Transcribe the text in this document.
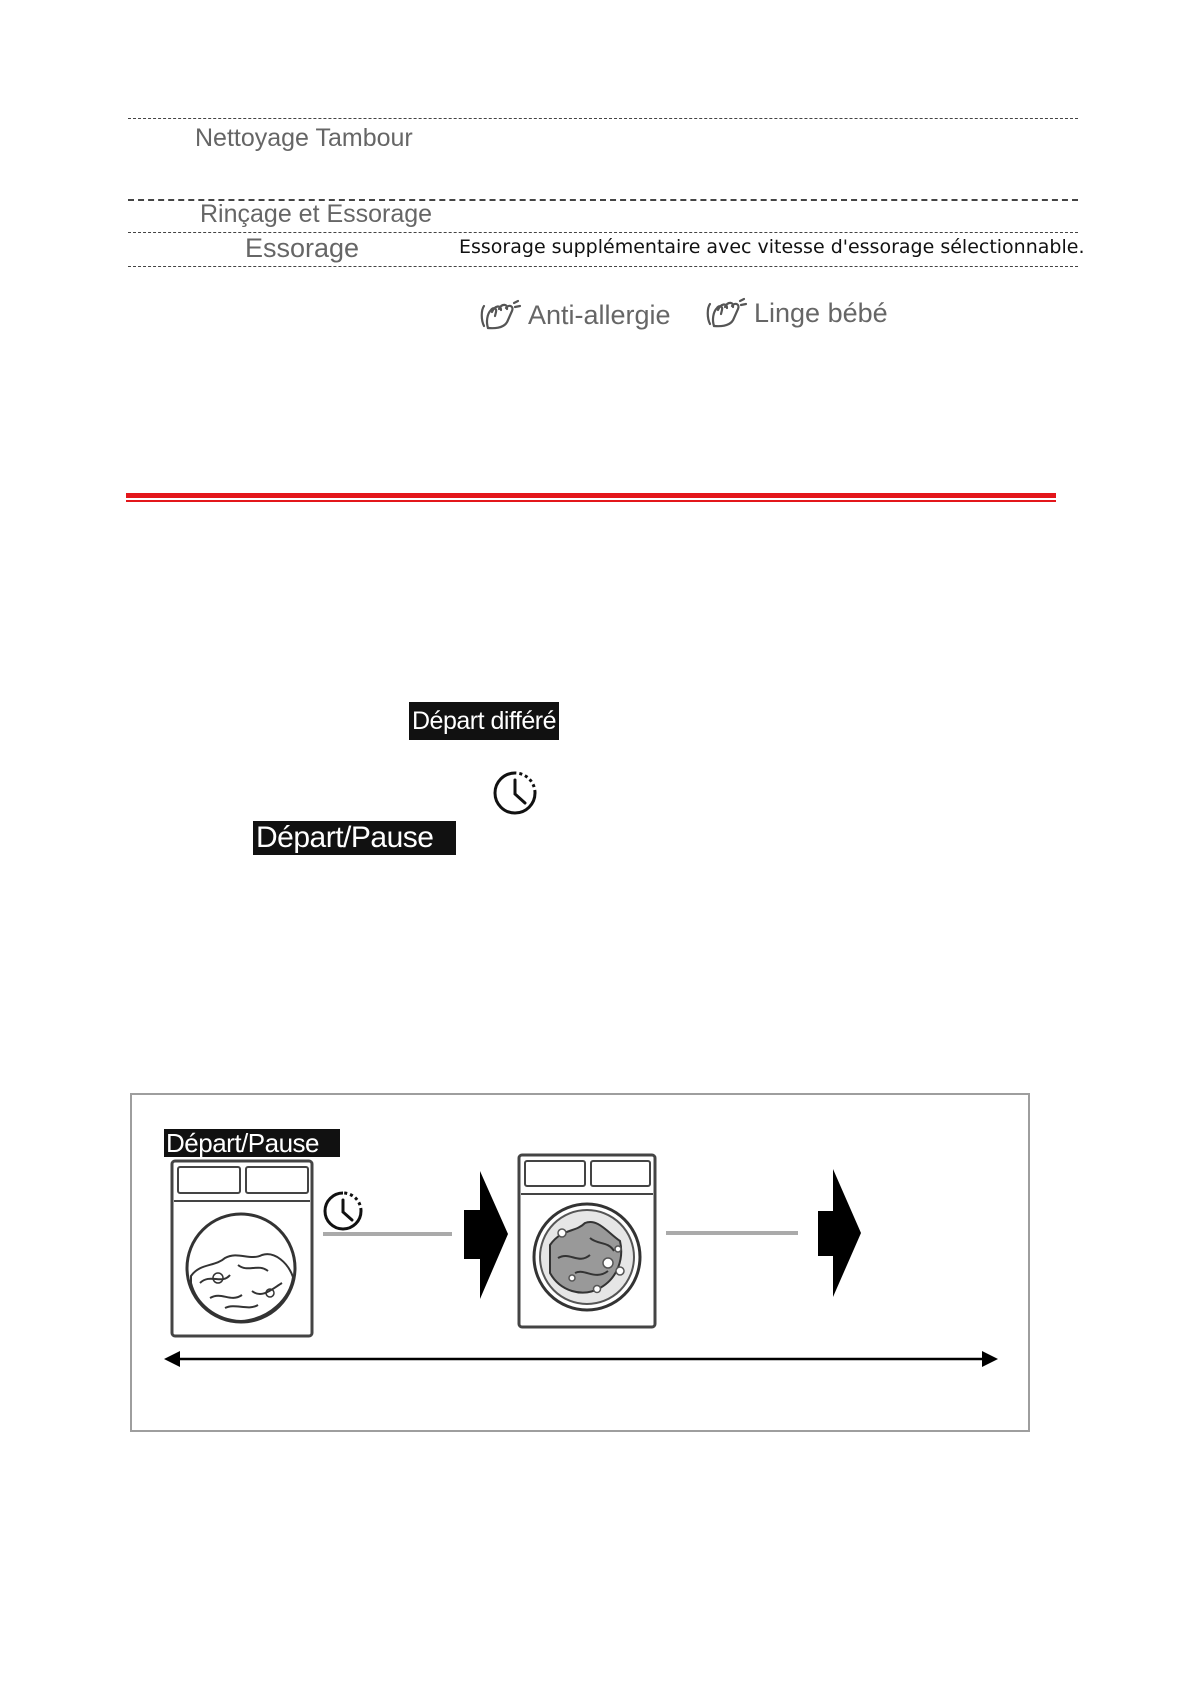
Nettoyage Tambour
Rinçage et Essorage
Essorage	Essorage supplémentaire avec vitesse d'essorage sélectionnable.
Anti-allergie	Linge bébé
Départ différé
Départ/Pause
Départ/Pause
